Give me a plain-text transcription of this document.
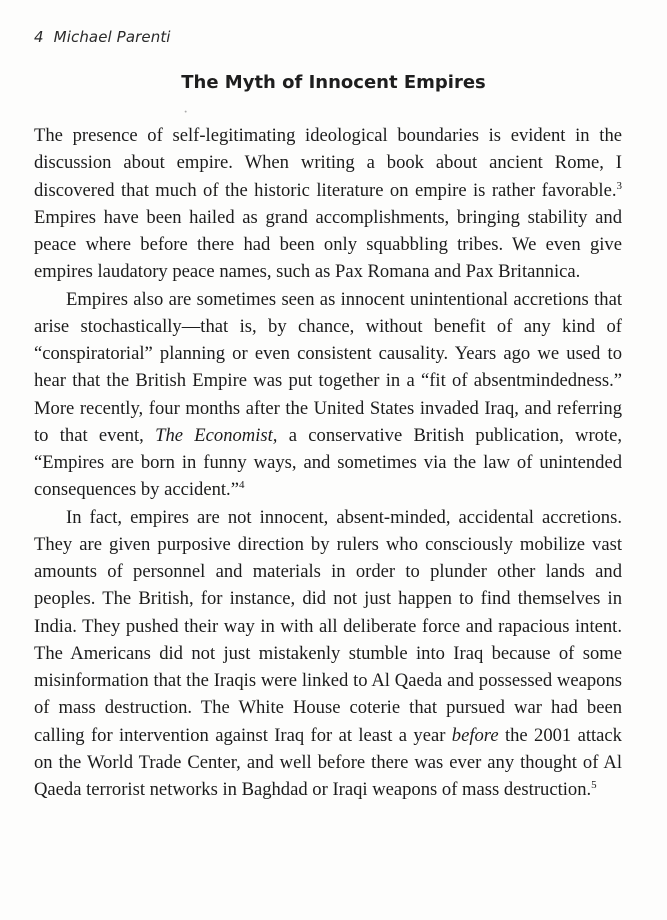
4 Michael Parenti
The Myth of Innocent Empires
·

The presence of self-legitimating ideological boundaries is evident in the discussion about empire. When writing a book about ancient Rome, I discovered that much of the historic literature on empire is rather favorable.$^3$ Empires have been hailed as grand accomplishments, bringing stability and peace where before there had been only squabbling tribes. We even give empires laudatory peace names, such as Pax Romana and Pax Britannica.

Empires also are sometimes seen as innocent unintentional accretions that arise stochastically—that is, by chance, without benefit of any kind of “conspiratorial” planning or even consistent causality. Years ago we used to hear that the British Empire was put together in a “fit of absentmindedness.” More recently, four months after the United States invaded Iraq, and referring to that event, The Economist, a conservative British publication, wrote, “Empires are born in funny ways, and sometimes via the law of unintended consequences by accident.”$^4$

In fact, empires are not innocent, absent-minded, accidental accretions. They are given purposive direction by rulers who consciously mobilize vast amounts of personnel and materials in order to plunder other lands and peoples. The British, for instance, did not just happen to find themselves in India. They pushed their way in with all deliberate force and rapacious intent. The Americans did not just mistakenly stumble into Iraq because of some misinformation that the Iraqis were linked to Al Qaeda and possessed weapons of mass destruction. The White House coterie that pursued war had been calling for intervention against Iraq for at least a year before the 2001 attack on the World Trade Center, and well before there was ever any thought of Al Qaeda terrorist networks in Baghdad or Iraqi weapons of mass destruction.$^5$
